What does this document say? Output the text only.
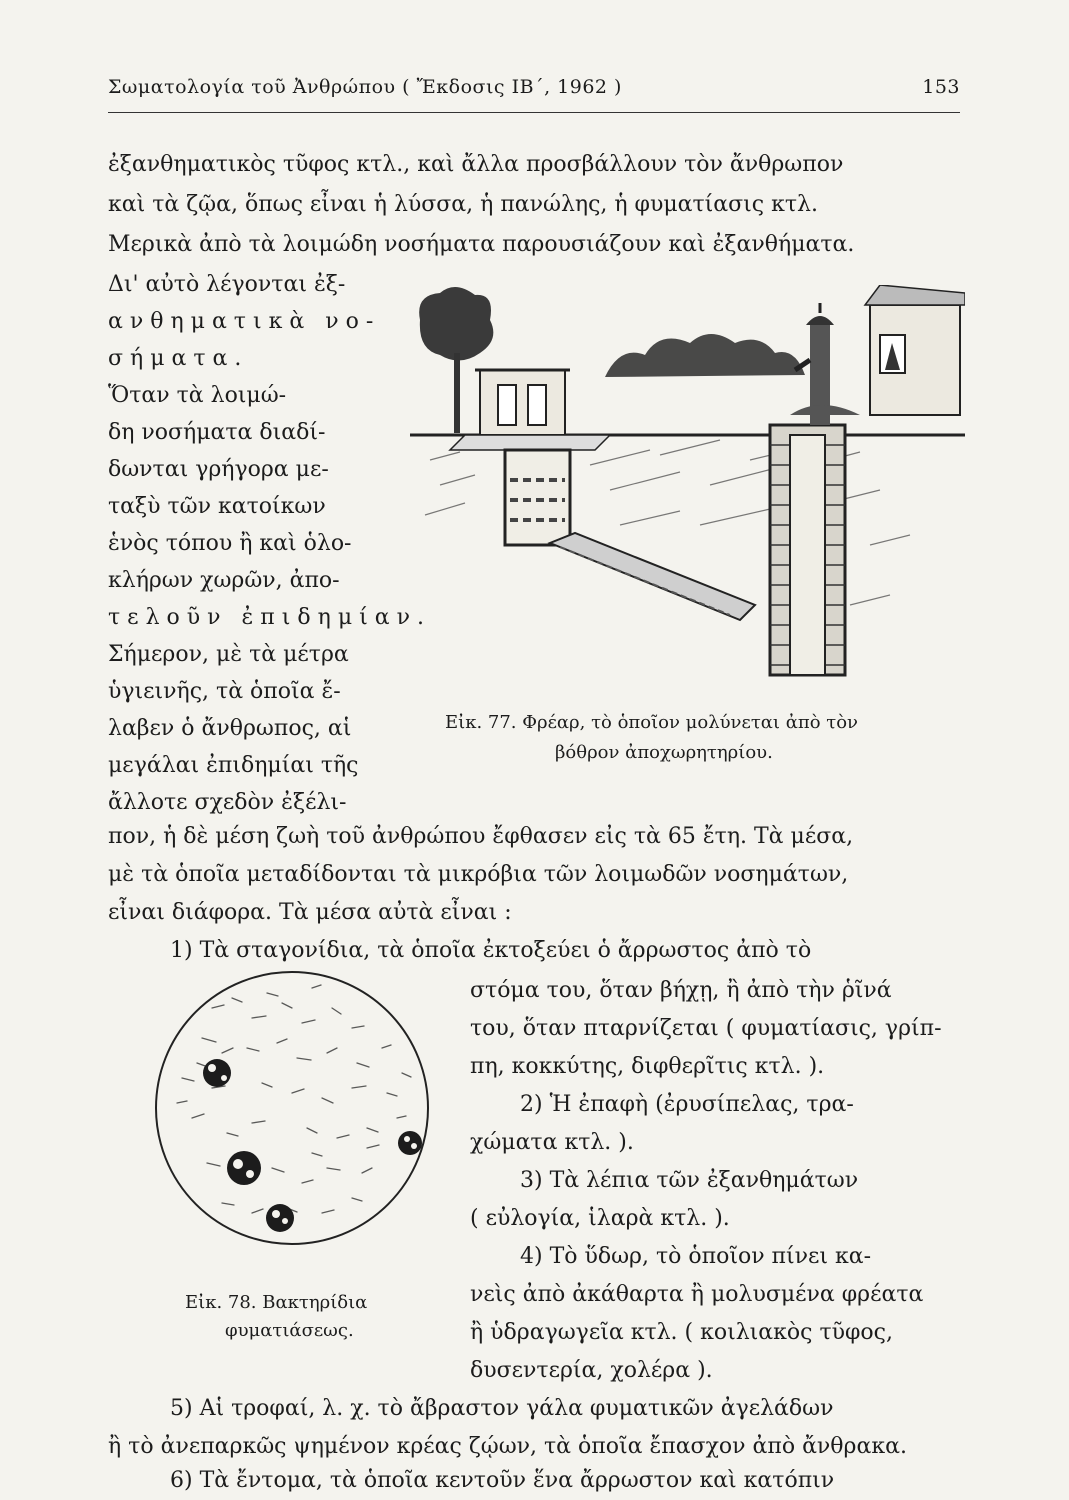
Σωματολογία τοῦ Ἀνθρώπου ( Ἔκδοσις ΙΒ΄, 1962 )	153
ἐξανθηματικὸς τῦφος κτλ., καὶ ἄλλα προσβάλλουν τὸν ἄνθρωπον
καὶ τὰ ζῷα, ὅπως εἶναι ἡ λύσσα, ἡ πανώλης, ἡ φυματίασις κτλ.
Μερικὰ ἀπὸ τὰ λοιμώδη νοσήματα παρουσιάζουν καὶ ἐξανθήματα.
Δι' αὐτὸ λέγονται ἐξ-
ανθηματικὰ νο-
σήματα.
Ὅταν τὰ λοιμώ-
δη νοσήματα διαδί-
δωνται γρήγορα με-
ταξὺ τῶν κατοίκων
ἑνὸς τόπου ἢ καὶ ὁλο-
κλήρων χωρῶν, ἀπο-
τελοῦν ἐπιδημίαν.
Σήμερον, μὲ τὰ μέτρα
ὑγιεινῆς, τὰ ὁποῖα ἔ-
λαβεν ὁ ἄνθρωπος, αἱ
μεγάλαι ἐπιδημίαι τῆς
ἄλλοτε σχεδὸν ἐξέλι-
Εἰκ. 77. Φρέαρ, τὸ ὁποῖον μολύνεται ἀπὸ τὸν
βόθρον ἀποχωρητηρίου.
πον, ἡ δὲ μέση ζωὴ τοῦ ἀνθρώπου ἔφθασεν εἰς τὰ 65 ἔτη. Τὰ μέσα,
μὲ τὰ ὁποῖα μεταδίδονται τὰ μικρόβια τῶν λοιμωδῶν νοσημάτων,
εἶναι διάφορα. Τὰ μέσα αὐτὰ εἶναι :
1) Τὰ σταγονίδια, τὰ ὁποῖα ἐκτοξεύει ὁ ἄρρωστος ἀπὸ τὸ
Εἰκ. 78. Βακτηρίδια
φυματιάσεως.
στόμα του, ὅταν βήχῃ, ἢ ἀπὸ τὴν ῥῖνά
του, ὅταν πταρνίζεται ( φυματίασις, γρίπ-
πη, κοκκύτης, διφθερῖτις κτλ. ).
2) Ἡ ἐπαφὴ (ἐρυσίπελας, τρα-
χώματα κτλ. ).
3) Τὰ λέπια τῶν ἐξανθημάτων
( εὐλογία, ἱλαρὰ κτλ. ).
4) Τὸ ὕδωρ, τὸ ὁποῖον πίνει κα-
νεὶς ἀπὸ ἀκάθαρτα ἢ μολυσμένα φρέατα
ἢ ὑδραγωγεῖα κτλ. ( κοιλιακὸς τῦφος,
δυσεντερία, χολέρα ).
5) Αἱ τροφαί, λ. χ. τὸ ἄβραστον γάλα φυματικῶν ἀγελάδων
ἢ τὸ ἀνεπαρκῶς ψημένον κρέας ζῴων, τὰ ὁποῖα ἔπασχον ἀπὸ ἄνθρακα.
6) Τὰ ἔντομα, τὰ ὁποῖα κεντοῦν ἕνα ἄρρωστον καὶ κατόπιν
